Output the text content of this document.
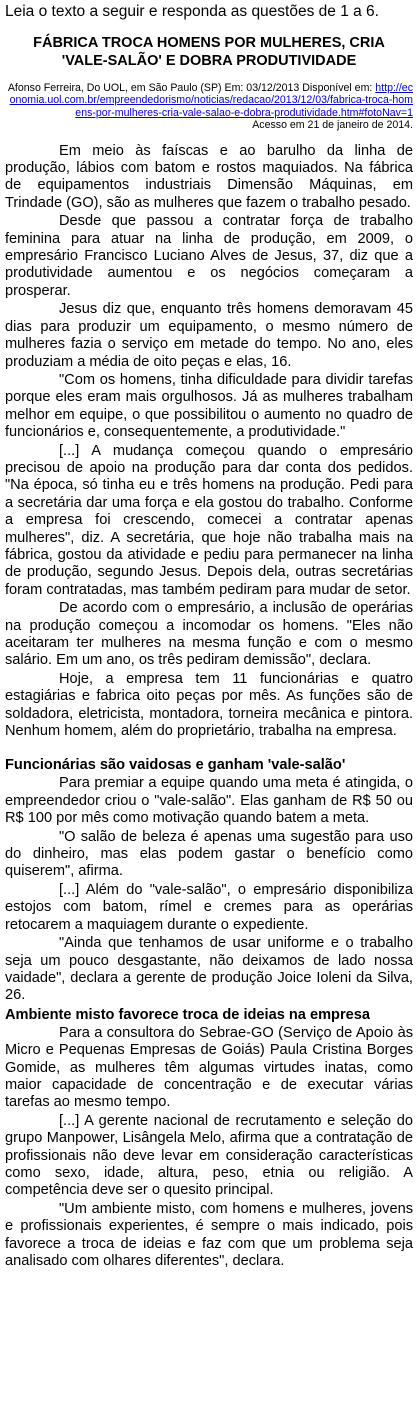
Leia o texto a seguir e responda as questões de 1 a 6.

FÁBRICA TROCA HOMENS POR MULHERES, CRIA 'VALE-SALÃO' E DOBRA PRODUTIVIDADE
Afonso Ferreira, Do UOL, em São Paulo (SP) Em: 03/12/2013 Disponível em: http://economia.uol.com.br/empreendedorismo/noticias/redacao/2013/12/03/fabrica-troca-homens-por-mulheres-cria-vale-salao-e-dobra-produtividade.htm#fotoNav=1
Acesso em 21 de janeiro de 2014.

Em meio às faíscas e ao barulho da linha de produção, lábios com batom e rostos maquiados. Na fábrica de equipamentos industriais Dimensão Máquinas, em Trindade (GO), são as mulheres que fazem o trabalho pesado.

Desde que passou a contratar força de trabalho feminina para atuar na linha de produção, em 2009, o empresário Francisco Luciano Alves de Jesus, 37, diz que a produtividade aumentou e os negócios começaram a prosperar.

Jesus diz que, enquanto três homens demoravam 45 dias para produzir um equipamento, o mesmo número de mulheres fazia o serviço em metade do tempo. No ano, eles produziam a média de oito peças e elas, 16.

"Com os homens, tinha dificuldade para dividir tarefas porque eles eram mais orgulhosos. Já as mulheres trabalham melhor em equipe, o que possibilitou o aumento no quadro de funcionários e, consequentemente, a produtividade."

[...] A mudança começou quando o empresário precisou de apoio na produção para dar conta dos pedidos. "Na época, só tinha eu e três homens na produção. Pedi para a secretária dar uma força e ela gostou do trabalho. Conforme a empresa foi crescendo, comecei a contratar apenas mulheres", diz. A secretária, que hoje não trabalha mais na fábrica, gostou da atividade e pediu para permanecer na linha de produção, segundo Jesus. Depois dela, outras secretárias foram contratadas, mas também pediram para mudar de setor.

De acordo com o empresário, a inclusão de operárias na produção começou a incomodar os homens. "Eles não aceitaram ter mulheres na mesma função e com o mesmo salário. Em um ano, os três pediram demissão", declara.

Hoje, a empresa tem 11 funcionárias e quatro estagiárias e fabrica oito peças por mês. As funções são de soldadora, eletricista, montadora, torneira mecânica e pintora. Nenhum homem, além do proprietário, trabalha na empresa.

Funcionárias são vaidosas e ganham 'vale-salão'

Para premiar a equipe quando uma meta é atingida, o empreendedor criou o "vale-salão". Elas ganham de R$ 50 ou R$ 100 por mês como motivação quando batem a meta.

"O salão de beleza é apenas uma sugestão para uso do dinheiro, mas elas podem gastar o benefício como quiserem", afirma.

[...] Além do "vale-salão", o empresário disponibiliza estojos com batom, rímel e cremes para as operárias retocarem a maquiagem durante o expediente.

"Ainda que tenhamos de usar uniforme e o trabalho seja um pouco desgastante, não deixamos de lado nossa vaidade", declara a gerente de produção Joice Ioleni da Silva, 26.

Ambiente misto favorece troca de ideias na empresa

Para a consultora do Sebrae-GO (Serviço de Apoio às Micro e Pequenas Empresas de Goiás) Paula Cristina Borges Gomide, as mulheres têm algumas virtudes inatas, como maior capacidade de concentração e de executar várias tarefas ao mesmo tempo.

[...] A gerente nacional de recrutamento e seleção do grupo Manpower, Lisângela Melo, afirma que a contratação de profissionais não deve levar em consideração características como sexo, idade, altura, peso, etnia ou religião. A competência deve ser o quesito principal.

"Um ambiente misto, com homens e mulheres, jovens e profissionais experientes, é sempre o mais indicado, pois favorece a troca de ideias e faz com que um problema seja analisado com olhares diferentes", declara.
